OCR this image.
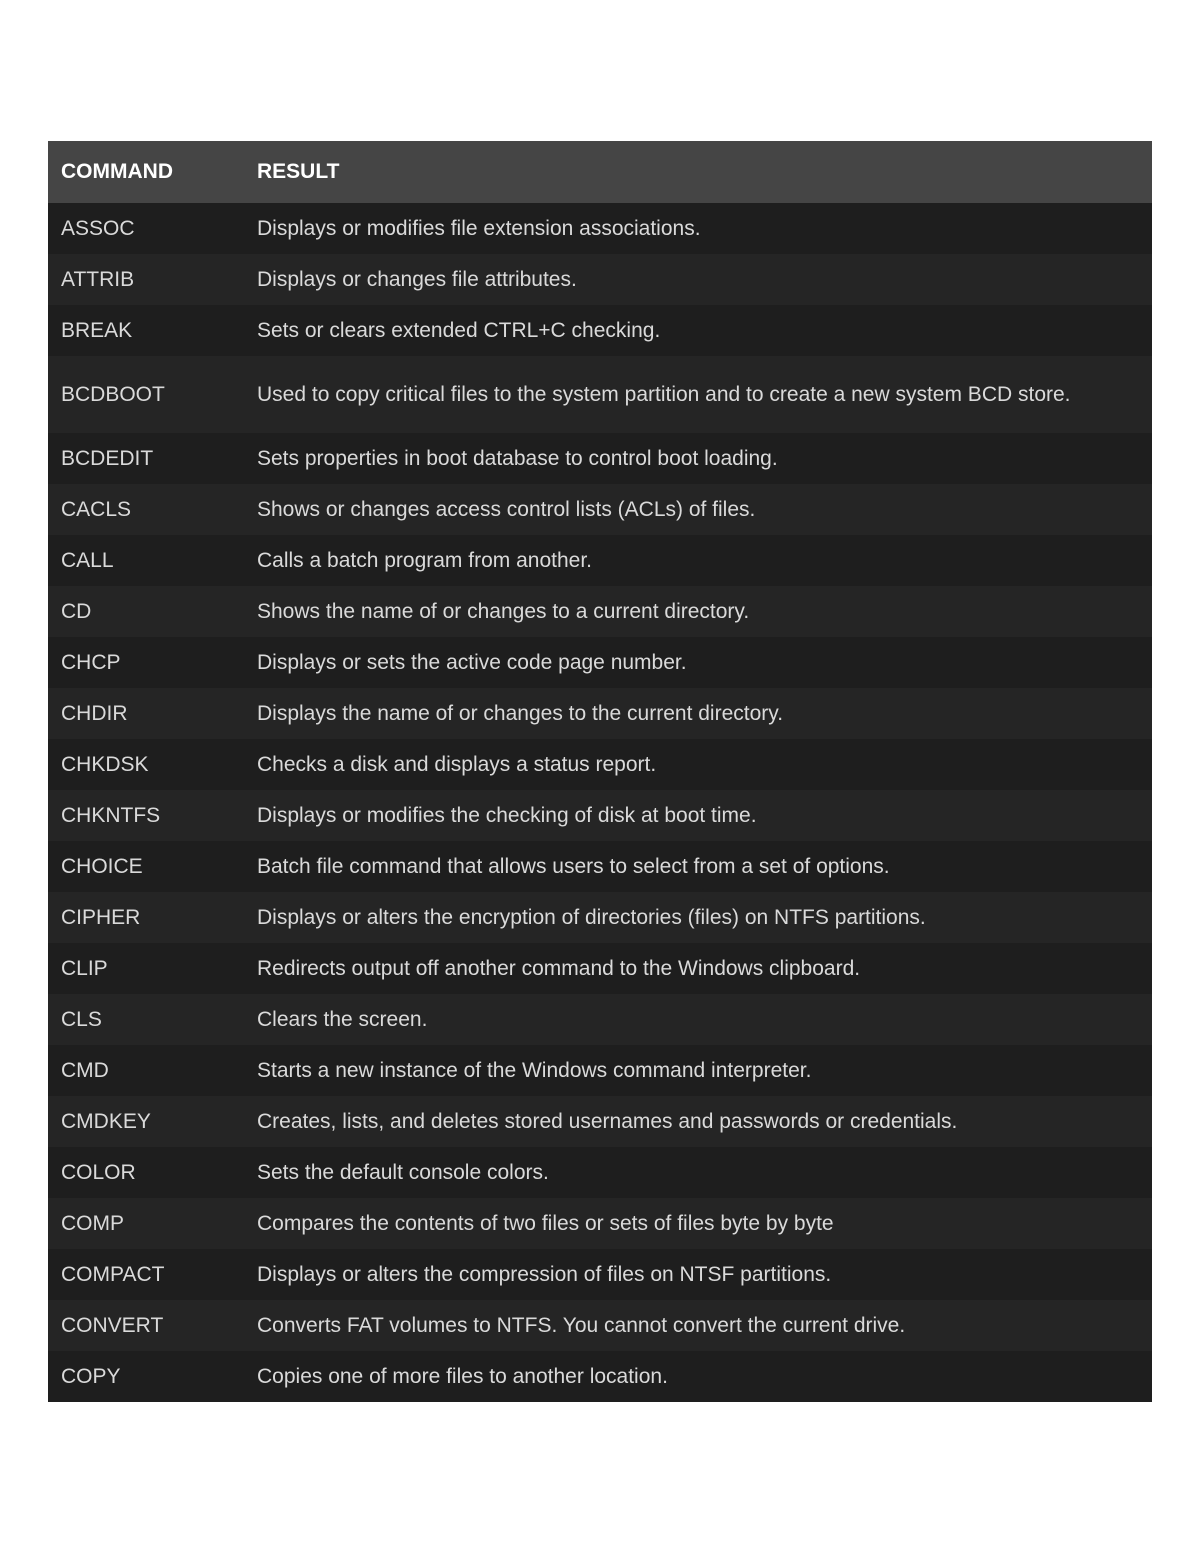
COMMAND	RESULT
ASSOC	Displays or modifies file extension associations.
ATTRIB	Displays or changes file attributes.
BREAK	Sets or clears extended CTRL+C checking.
BCDBOOT	Used to copy critical files to the system partition and to create a new system BCD store.
BCDEDIT	Sets properties in boot database to control boot loading.
CACLS	Shows or changes access control lists (ACLs) of files.
CALL	Calls a batch program from another.
CD	Shows the name of or changes to a current directory.
CHCP	Displays or sets the active code page number.
CHDIR	Displays the name of or changes to the current directory.
CHKDSK	Checks a disk and displays a status report.
CHKNTFS	Displays or modifies the checking of disk at boot time.
CHOICE	Batch file command that allows users to select from a set of options.
CIPHER	Displays or alters the encryption of directories (files) on NTFS partitions.
CLIP	Redirects output off another command to the Windows clipboard.
CLS	Clears the screen.
CMD	Starts a new instance of the Windows command interpreter.
CMDKEY	Creates, lists, and deletes stored usernames and passwords or credentials.
COLOR	Sets the default console colors.
COMP	Compares the contents of two files or sets of files byte by byte
COMPACT	Displays or alters the compression of files on NTSF partitions.
CONVERT	Converts FAT volumes to NTFS. You cannot convert the current drive.
COPY	Copies one of more files to another location.
